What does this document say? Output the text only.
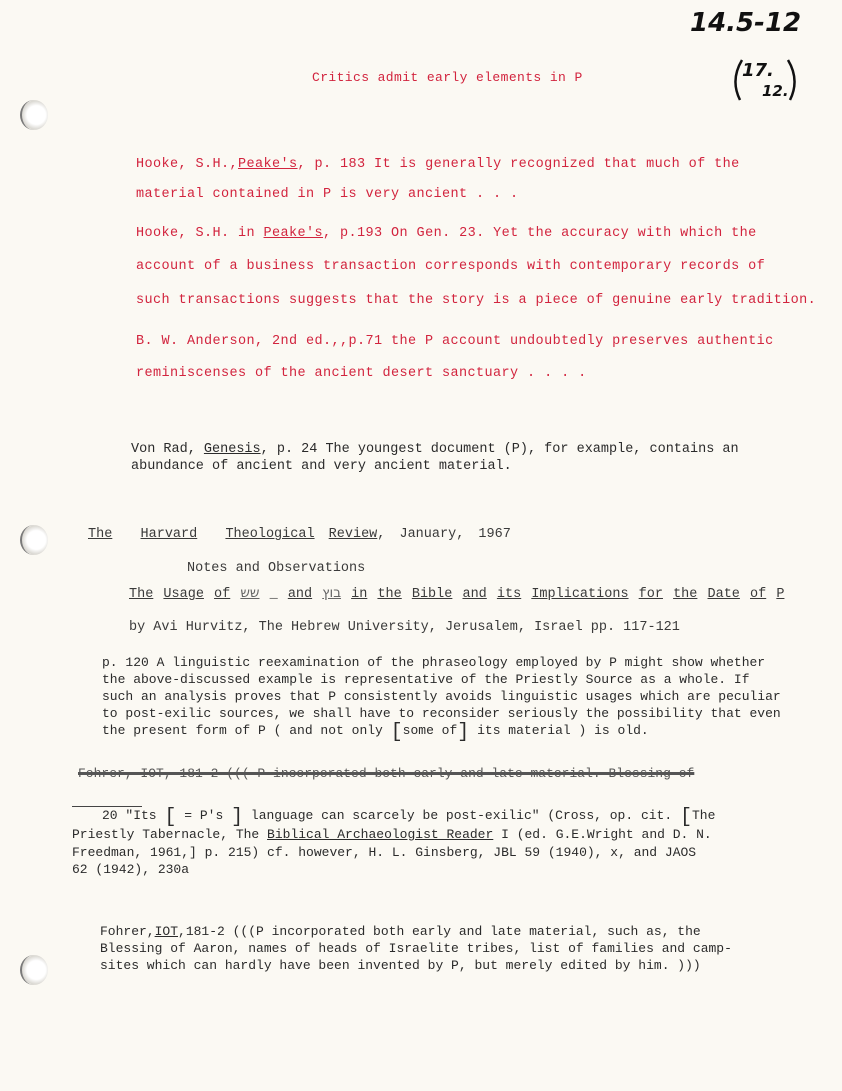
14.5-12
17.
12.
Critics admit early elements in P
Hooke, S.H.,Peake's, p. 183 It is generally recognized that much of the
material contained in P is very ancient . . .
Hooke, S.H. in Peake's, p.193 On Gen. 23. Yet the accuracy with which the
account of a business transaction corresponds with contemporary records of
such transactions suggests that the story is a piece of genuine early tradition.
B. W. Anderson, 2nd ed.,,p.71 the P account undoubtedly preserves authentic
reminiscenses of the ancient desert sanctuary . . . .
Von Rad, Genesis, p. 24 The youngest document (P), for example, contains an
abundance of ancient and very ancient material.
The Harvard Theological Review, January, 1967
Notes and Observations
The Usage of שש _ and בוץ in the Bible and its Implications for the Date of P
by Avi Hurvitz, The Hebrew University, Jerusalem, Israel pp. 117-121
p. 120 A linguistic reexamination of the phraseology employed by P might show whether
the above-discussed example is representative of the Priestly Source as a whole. If
such an analysis proves that P consistently avoids linguistic usages which are peculiar
to post-exilic sources, we shall have to reconsider seriously the possibility that even
the present form of P ( and not only [some of] its material ) is old.
Fohrer, IOT, 181-2 ((( P incorporated both early and late material. Blessing of
20 "Its [ = P's ] language can scarcely be post-exilic" (Cross, op. cit. [The
Priestly Tabernacle, The Biblical Archaeologist Reader I (ed. G.E.Wright and D. N.
Freedman, 1961,] p. 215) cf. however, H. L. Ginsberg, JBL 59 (1940), x, and JAOS
62 (1942), 230a
Fohrer,IOT,181-2 (((P incorporated both early and late material, such as, the
Blessing of Aaron, names of heads of Israelite tribes, list of families and camp-
sites which can hardly have been invented by P, but merely edited by him. )))
